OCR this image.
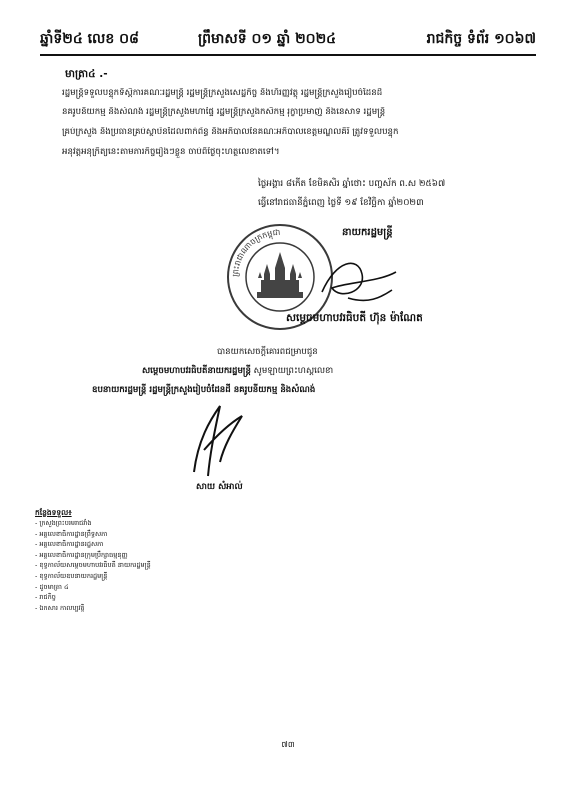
ឆ្នាំទី២៤ លេខ ០៨	ព្រឹមាសទី ០១ ឆ្នាំ ២០២៤	រាជកិច្ច ទំព័រ ១០៦៧
មាត្រា៤ .-
រដ្ឋមន្ត្រីទទួលបន្ទុកទីស្តីការគណៈរដ្ឋមន្ត្រី រដ្ឋមន្ត្រីក្រសួងសេដ្ឋកិច្ច និងហិរញ្ញវត្ថុ រដ្ឋមន្ត្រីក្រសួងរៀបចំដែនដី
នគរូបនីយកម្ម និងសំណង់ រដ្ឋមន្ត្រីក្រសួងមហាផ្ទៃ រដ្ឋមន្ត្រីក្រសួងកសិកម្ម រុក្ខាប្រមាញ់ និងនេសាទ រដ្ឋមន្ត្រី
គ្រប់ក្រសួង និងប្រធានគ្រប់ស្ថាប័នដែលពាក់ព័ន្ធ និងអភិបាលនៃគណៈអភិបាលខេត្តមណ្ឌលគិរី ត្រូវទទួលបន្ទុក
អនុវត្តអនុក្រឹត្យនេះតាមភារកិច្ចរៀងៗខ្លួន ចាប់ពីថ្ងៃចុះហត្ថលេខាតទៅ។
ថ្ងៃអង្គារ ៨កើត ខែមិគសិរ ឆ្នាំថោះ បញ្ចស័ក ព.ស ២៥៦៧
ធ្វើនៅរាជធានីភ្នំពេញ ថ្ងៃទី ១៩ ខែវិច្ឆិកា ឆ្នាំ២០២៣
នាយករដ្ឋមន្ត្រី
ព្រះរាជាណាចក្រកម្ពុជា
សម្តេចមហាបវរធិបតី ហ៊ុន ម៉ាណែត
បានយកសេចក្តីគោរពជម្រាបជូន
សម្តេចមហាបវរធិបតីនាយករដ្ឋមន្ត្រី សូមឡាយព្រះហស្តលេខា
ឧបនាយករដ្ឋមន្ត្រី រដ្ឋមន្ត្រីក្រសួងរៀបចំដែនដី នគរូបនីយកម្ម និងសំណង់
សាយ សំអាល់
កន្លែងទទួល៖
- ក្រសួងព្រះបរមរាជវាំង
- អគ្គលេខាធិការដ្ឋានព្រឹទ្ធសភា
- អគ្គលេខាធិការដ្ឋានរដ្ឋសភា
- អគ្គលេខាធិការដ្ឋានក្រុមប្រឹក្សាធម្មនុញ្ញ
- ខុទ្ទកាល័យសម្តេចមហាបវរធិបតី នាយករដ្ឋមន្ត្រី
- ខុទ្ទកាល័យឧបនាយករដ្ឋមន្ត្រី
- ដូចមាត្រា ៤
- រាជកិច្ច
- ឯកសារ កាលប្បវត្តិ
៧៣
